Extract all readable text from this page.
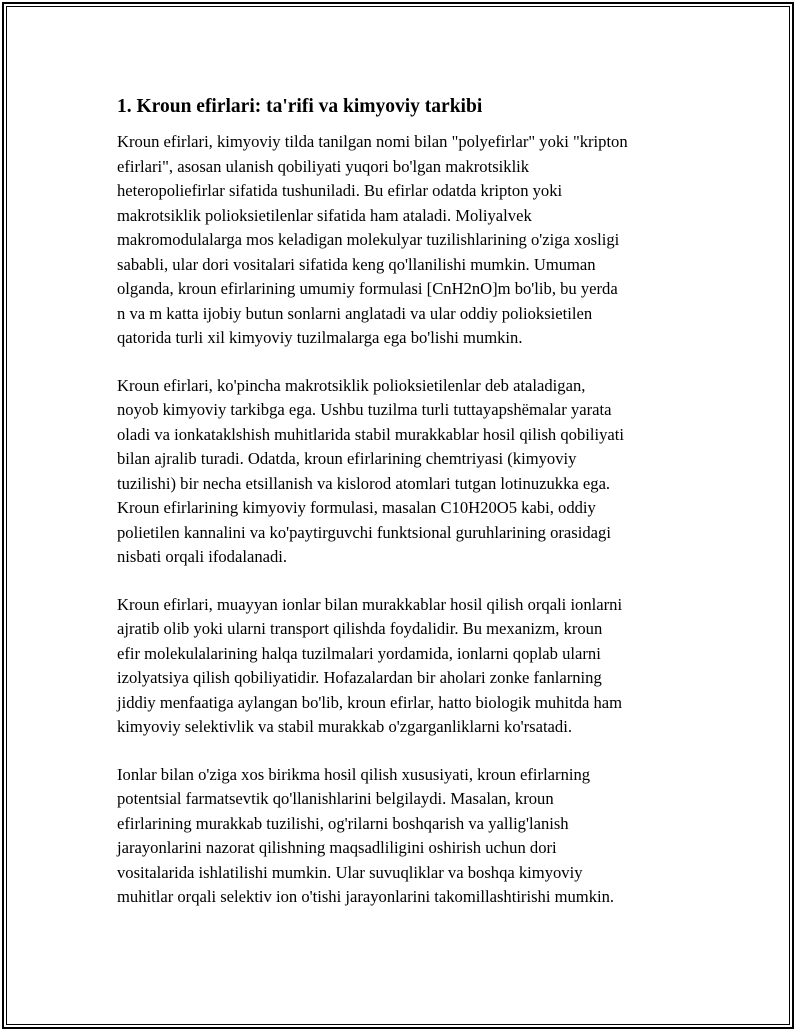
1. Kroun efirlari: ta'rifi va kimyoviy tarkibi
Kroun efirlari, kimyoviy tilda tanilgan nomi bilan "polyefirlar" yoki "kripton
efirlari", asosan ulanish qobiliyati yuqori bo'lgan makrotsiklik
heteropoliefirlar sifatida tushuniladi. Bu efirlar odatda kripton yoki
makrotsiklik polioksietilenlar sifatida ham ataladi. Moliyalvek
makromodulalarga mos keladigan molekulyar tuzilishlarining o'ziga xosligi
sababli, ular dori vositalari sifatida keng qo'llanilishi mumkin. Umuman
olganda, kroun efirlarining umumiy formulasi [CnH2nO]m bo'lib, bu yerda
n va m katta ijobiy butun sonlarni anglatadi va ular oddiy polioksietilen
qatorida turli xil kimyoviy tuzilmalarga ega bo'lishi mumkin.
Kroun efirlari, ko'pincha makrotsiklik polioksietilenlar deb ataladigan,
noyob kimyoviy tarkibga ega. Ushbu tuzilma turli tuttayapshëmalar yarata
oladi va ionkataklshish muhitlarida stabil murakkablar hosil qilish qobiliyati
bilan ajralib turadi. Odatda, kroun efirlarining chemtriyasi (kimyoviy
tuzilishi) bir necha etsillanish va kislorod atomlari tutgan lotinuzukka ega.
Kroun efirlarining kimyoviy formulasi, masalan C10H20O5 kabi, oddiy
polietilen kannalini va ko'paytirguvchi funktsional guruhlarining orasidagi
nisbati orqali ifodalanadi.
Kroun efirlari, muayyan ionlar bilan murakkablar hosil qilish orqali ionlarni
ajratib olib yoki ularni transport qilishda foydalidir. Bu mexanizm, kroun
efir molekulalarining halqa tuzilmalari yordamida, ionlarni qoplab ularni
izolyatsiya qilish qobiliyatidir. Hofazalardan bir aholari zonke fanlarning
jiddiy menfaatiga aylangan bo'lib, kroun efirlar, hatto biologik muhitda ham
kimyoviy selektivlik va stabil murakkab o'zgarganliklarni ko'rsatadi.
Ionlar bilan o'ziga xos birikma hosil qilish xususiyati, kroun efirlarning
potentsial farmatsevtik qo'llanishlarini belgilaydi. Masalan, kroun
efirlarining murakkab tuzilishi, og'rilarni boshqarish va yallig'lanish
jarayonlarini nazorat qilishning maqsadliligini oshirish uchun dori
vositalarida ishlatilishi mumkin. Ular suvuqliklar va boshqa kimyoviy
muhitlar orqali selektiv ion o'tishi jarayonlarini takomillashtirishi mumkin.
